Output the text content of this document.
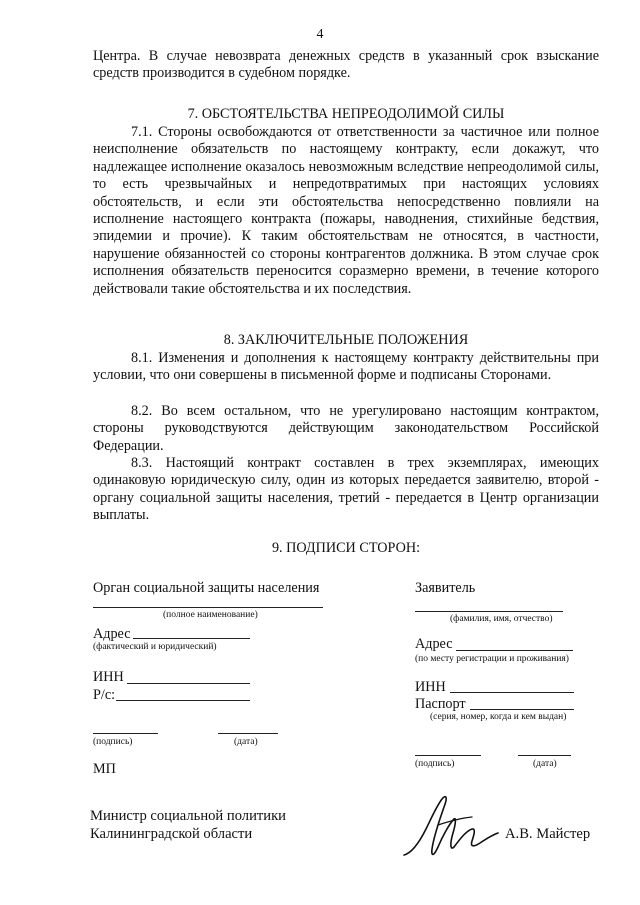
4

Центра. В случае невозврата денежных средств в указанный срок взыскание средств производится в судебном порядке.

7. ОБСТОЯТЕЛЬСТВА НЕПРЕОДОЛИМОЙ СИЛЫ

7.1. Стороны освобождаются от ответственности за частичное или полное неисполнение обязательств по настоящему контракту, если докажут, что надлежащее исполнение оказалось невозможным вследствие непреодолимой силы, то есть чрезвычайных и непредотвратимых при настоящих условиях обстоятельств, и если эти обстоятельства непосредственно повлияли на исполнение настоящего контракта (пожары, наводнения, стихийные бедствия, эпидемии и прочие). К таким обстоятельствам не относятся, в частности, нарушение обязанностей со стороны контрагентов должника. В этом случае срок исполнения обязательств переносится соразмерно времени, в течение которого действовали такие обстоятельства и их последствия.

8. ЗАКЛЮЧИТЕЛЬНЫЕ ПОЛОЖЕНИЯ

8.1. Изменения и дополнения к настоящему контракту действительны при условии, что они совершены в письменной форме и подписаны Сторонами.

8.2. Во всем остальном, что не урегулировано настоящим контрактом, стороны руководствуются действующим законодательством Российской Федерации.

8.3. Настоящий контракт составлен в трех экземплярах, имеющих одинаковую юридическую силу, один из которых передается заявителю, второй - органу социальной защиты населения, третий - передается в Центр организации выплаты.

9. ПОДПИСИ СТОРОН:
Орган социальной защиты населения
(полное наименование)
Адрес
(фактический и юридический)
ИНН
Р/с:
(подпись)	(дата)
МП
Заявитель
(фамилия, имя, отчество)
Адрес
(по месту регистрации и проживания)
ИНН
Паспорт
(серия, номер, когда и кем выдан)
(подпись)	(дата)
Министр социальной политики
Калининградской области	А.В. Майстер
